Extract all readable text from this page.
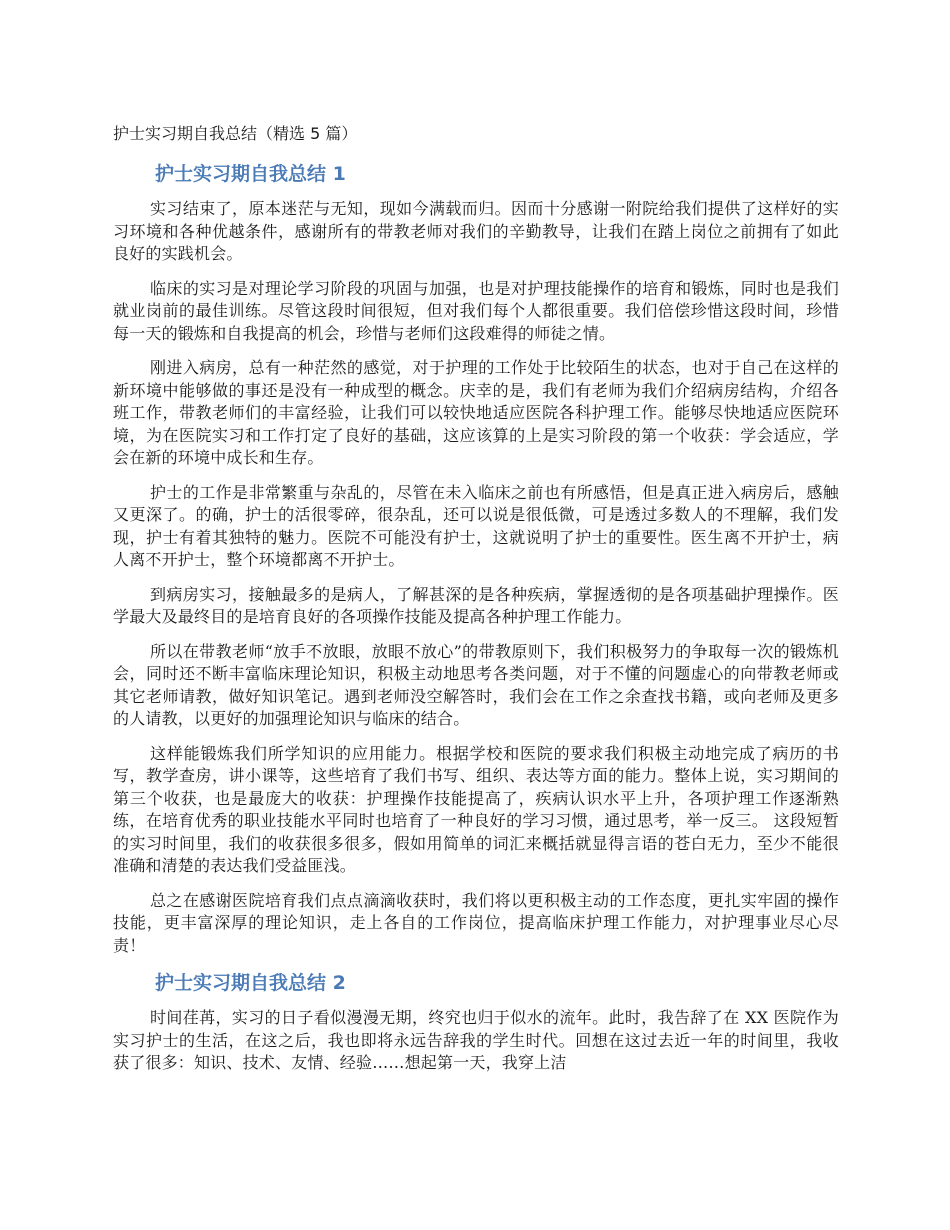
护士实习期自我总结（精选 5 篇）
护士实习期自我总结 1

实习结束了，原本迷茫与无知，现如今满载而归。因而十分感谢一附院给我们提供了这样好的实习环境和各种优越条件，感谢所有的带教老师对我们的辛勤教导，让我们在踏上岗位之前拥有了如此良好的实践机会。

临床的实习是对理论学习阶段的巩固与加强，也是对护理技能操作的培育和锻炼，同时也是我们就业岗前的最佳训练。尽管这段时间很短，但对我们每个人都很重要。我们倍偿珍惜这段时间，珍惜每一天的锻炼和自我提高的机会，珍惜与老师们这段难得的师徒之情。

刚进入病房，总有一种茫然的感觉，对于护理的工作处于比较陌生的状态，也对于自己在这样的新环境中能够做的事还是没有一种成型的概念。庆幸的是，我们有老师为我们介绍病房结构，介绍各班工作，带教老师们的丰富经验，让我们可以较快地适应医院各科护理工作。能够尽快地适应医院环境，为在医院实习和工作打定了良好的基础，这应该算的上是实习阶段的第一个收获：学会适应，学会在新的环境中成长和生存。

护士的工作是非常繁重与杂乱的，尽管在未入临床之前也有所感悟，但是真正进入病房后，感触又更深了。的确，护士的活很零碎，很杂乱，还可以说是很低微，可是透过多数人的不理解，我们发现，护士有着其独特的魅力。医院不可能没有护士，这就说明了护士的重要性。医生离不开护士，病人离不开护士，整个环境都离不开护士。

到病房实习，接触最多的是病人，了解甚深的是各种疾病，掌握透彻的是各项基础护理操作。医学最大及最终目的是培育良好的各项操作技能及提高各种护理工作能力。

所以在带教老师“放手不放眼，放眼不放心”的带教原则下，我们积极努力的争取每一次的锻炼机会，同时还不断丰富临床理论知识，积极主动地思考各类问题，对于不懂的问题虚心的向带教老师或其它老师请教，做好知识笔记。遇到老师没空解答时，我们会在工作之余查找书籍，或向老师及更多的人请教，以更好的加强理论知识与临床的结合。

这样能锻炼我们所学知识的应用能力。根据学校和医院的要求我们积极主动地完成了病历的书写，教学查房，讲小课等，这些培育了我们书写、组织、表达等方面的能力。整体上说，实习期间的第三个收获，也是最庞大的收获：护理操作技能提高了，疾病认识水平上升，各项护理工作逐渐熟练，在培育优秀的职业技能水平同时也培育了一种良好的学习习惯，通过思考，举一反三。 这段短暂的实习时间里，我们的收获很多很多，假如用简单的词汇来概括就显得言语的苍白无力，至少不能很准确和清楚的表达我们受益匪浅。

总之在感谢医院培育我们点点滴滴收获时，我们将以更积极主动的工作态度，更扎实牢固的操作技能，更丰富深厚的理论知识，走上各自的工作岗位，提高临床护理工作能力，对护理事业尽心尽责！

护士实习期自我总结 2

时间荏苒，实习的日子看似漫漫无期，终究也归于似水的流年。此时，我告辞了在 XX 医院作为实习护士的生活，在这之后，我也即将永远告辞我的学生时代。回想在这过去近一年的时间里，我收获了很多：知识、技术、友情、经验……想起第一天，我穿上洁
